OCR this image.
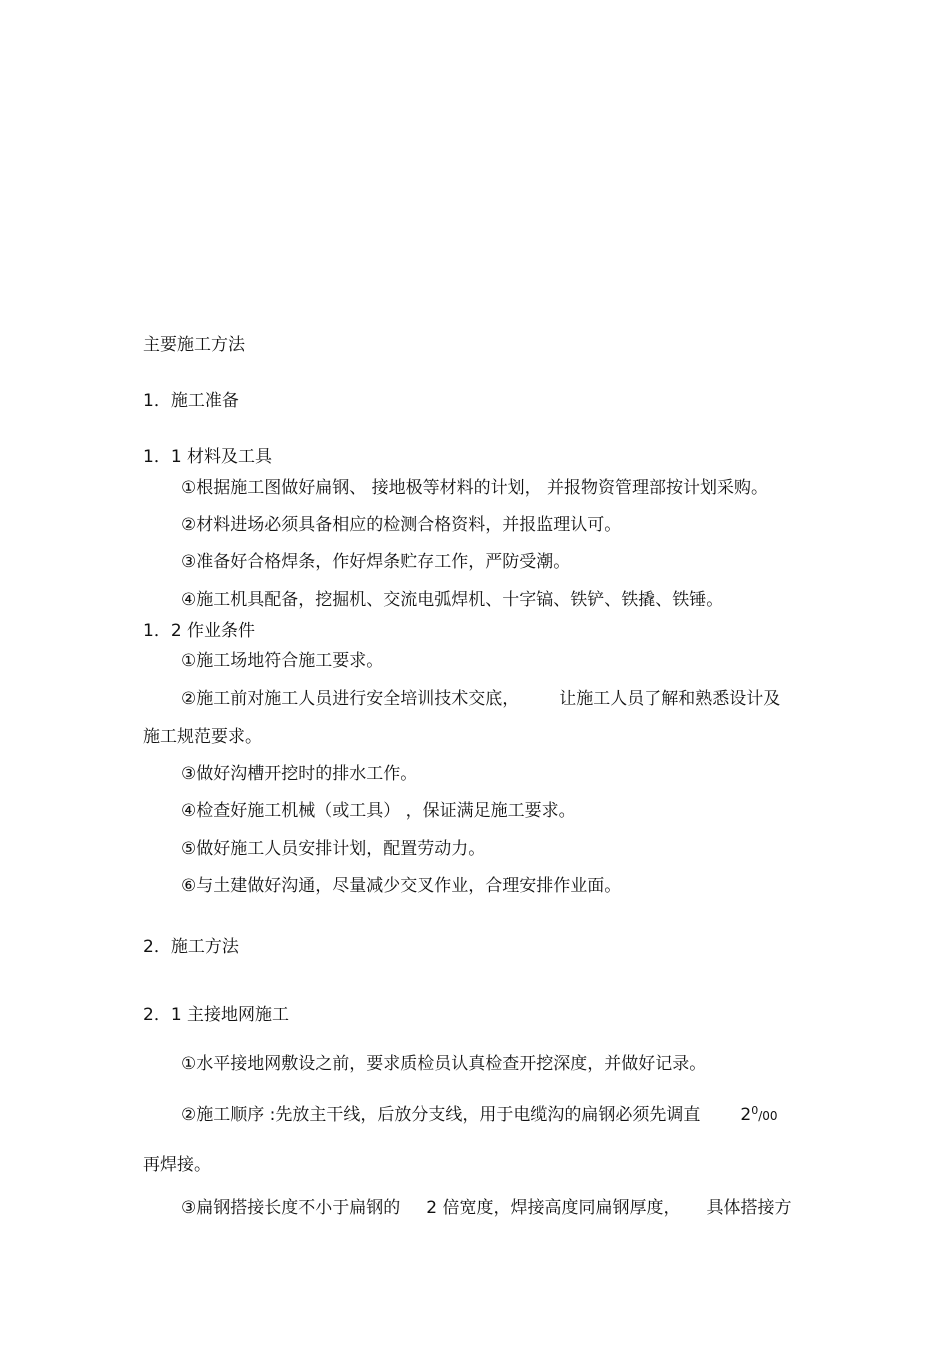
主要施工方法
1．施工准备
1．1 材料及工具
①根据施工图做好扁钢、 接地极等材料的计划， 并报物资管理部按计划采购。
②材料进场必须具备相应的检测合格资料，并报监理认可。
③准备好合格焊条，作好焊条贮存工作，严防受潮。
④施工机具配备，挖掘机、交流电弧焊机、十字镐、铁铲、铁撬、铁锤。
1．2 作业条件
①施工场地符合施工要求。
②施工前对施工人员进行安全培训技术交底， 让施工人员了解和熟悉设计及
施工规范要求。
③做好沟槽开挖时的排水工作。
④检查好施工机械（或工具） ，保证满足施工要求。
⑤做好施工人员安排计划，配置劳动力。
⑥与土建做好沟通，尽量减少交叉作业，合理安排作业面。
2．施工方法
2．1 主接地网施工
①水平接地网敷设之前，要求质检员认真检查开挖深度，并做好记录。
②施工顺序 :先放主干线，后放分支线，用于电缆沟的扁钢必须先调直 $2^0/00$
再焊接。
③扁钢搭接长度不小于扁钢的 2 倍宽度，焊接高度同扁钢厚度， 具体搭接方
